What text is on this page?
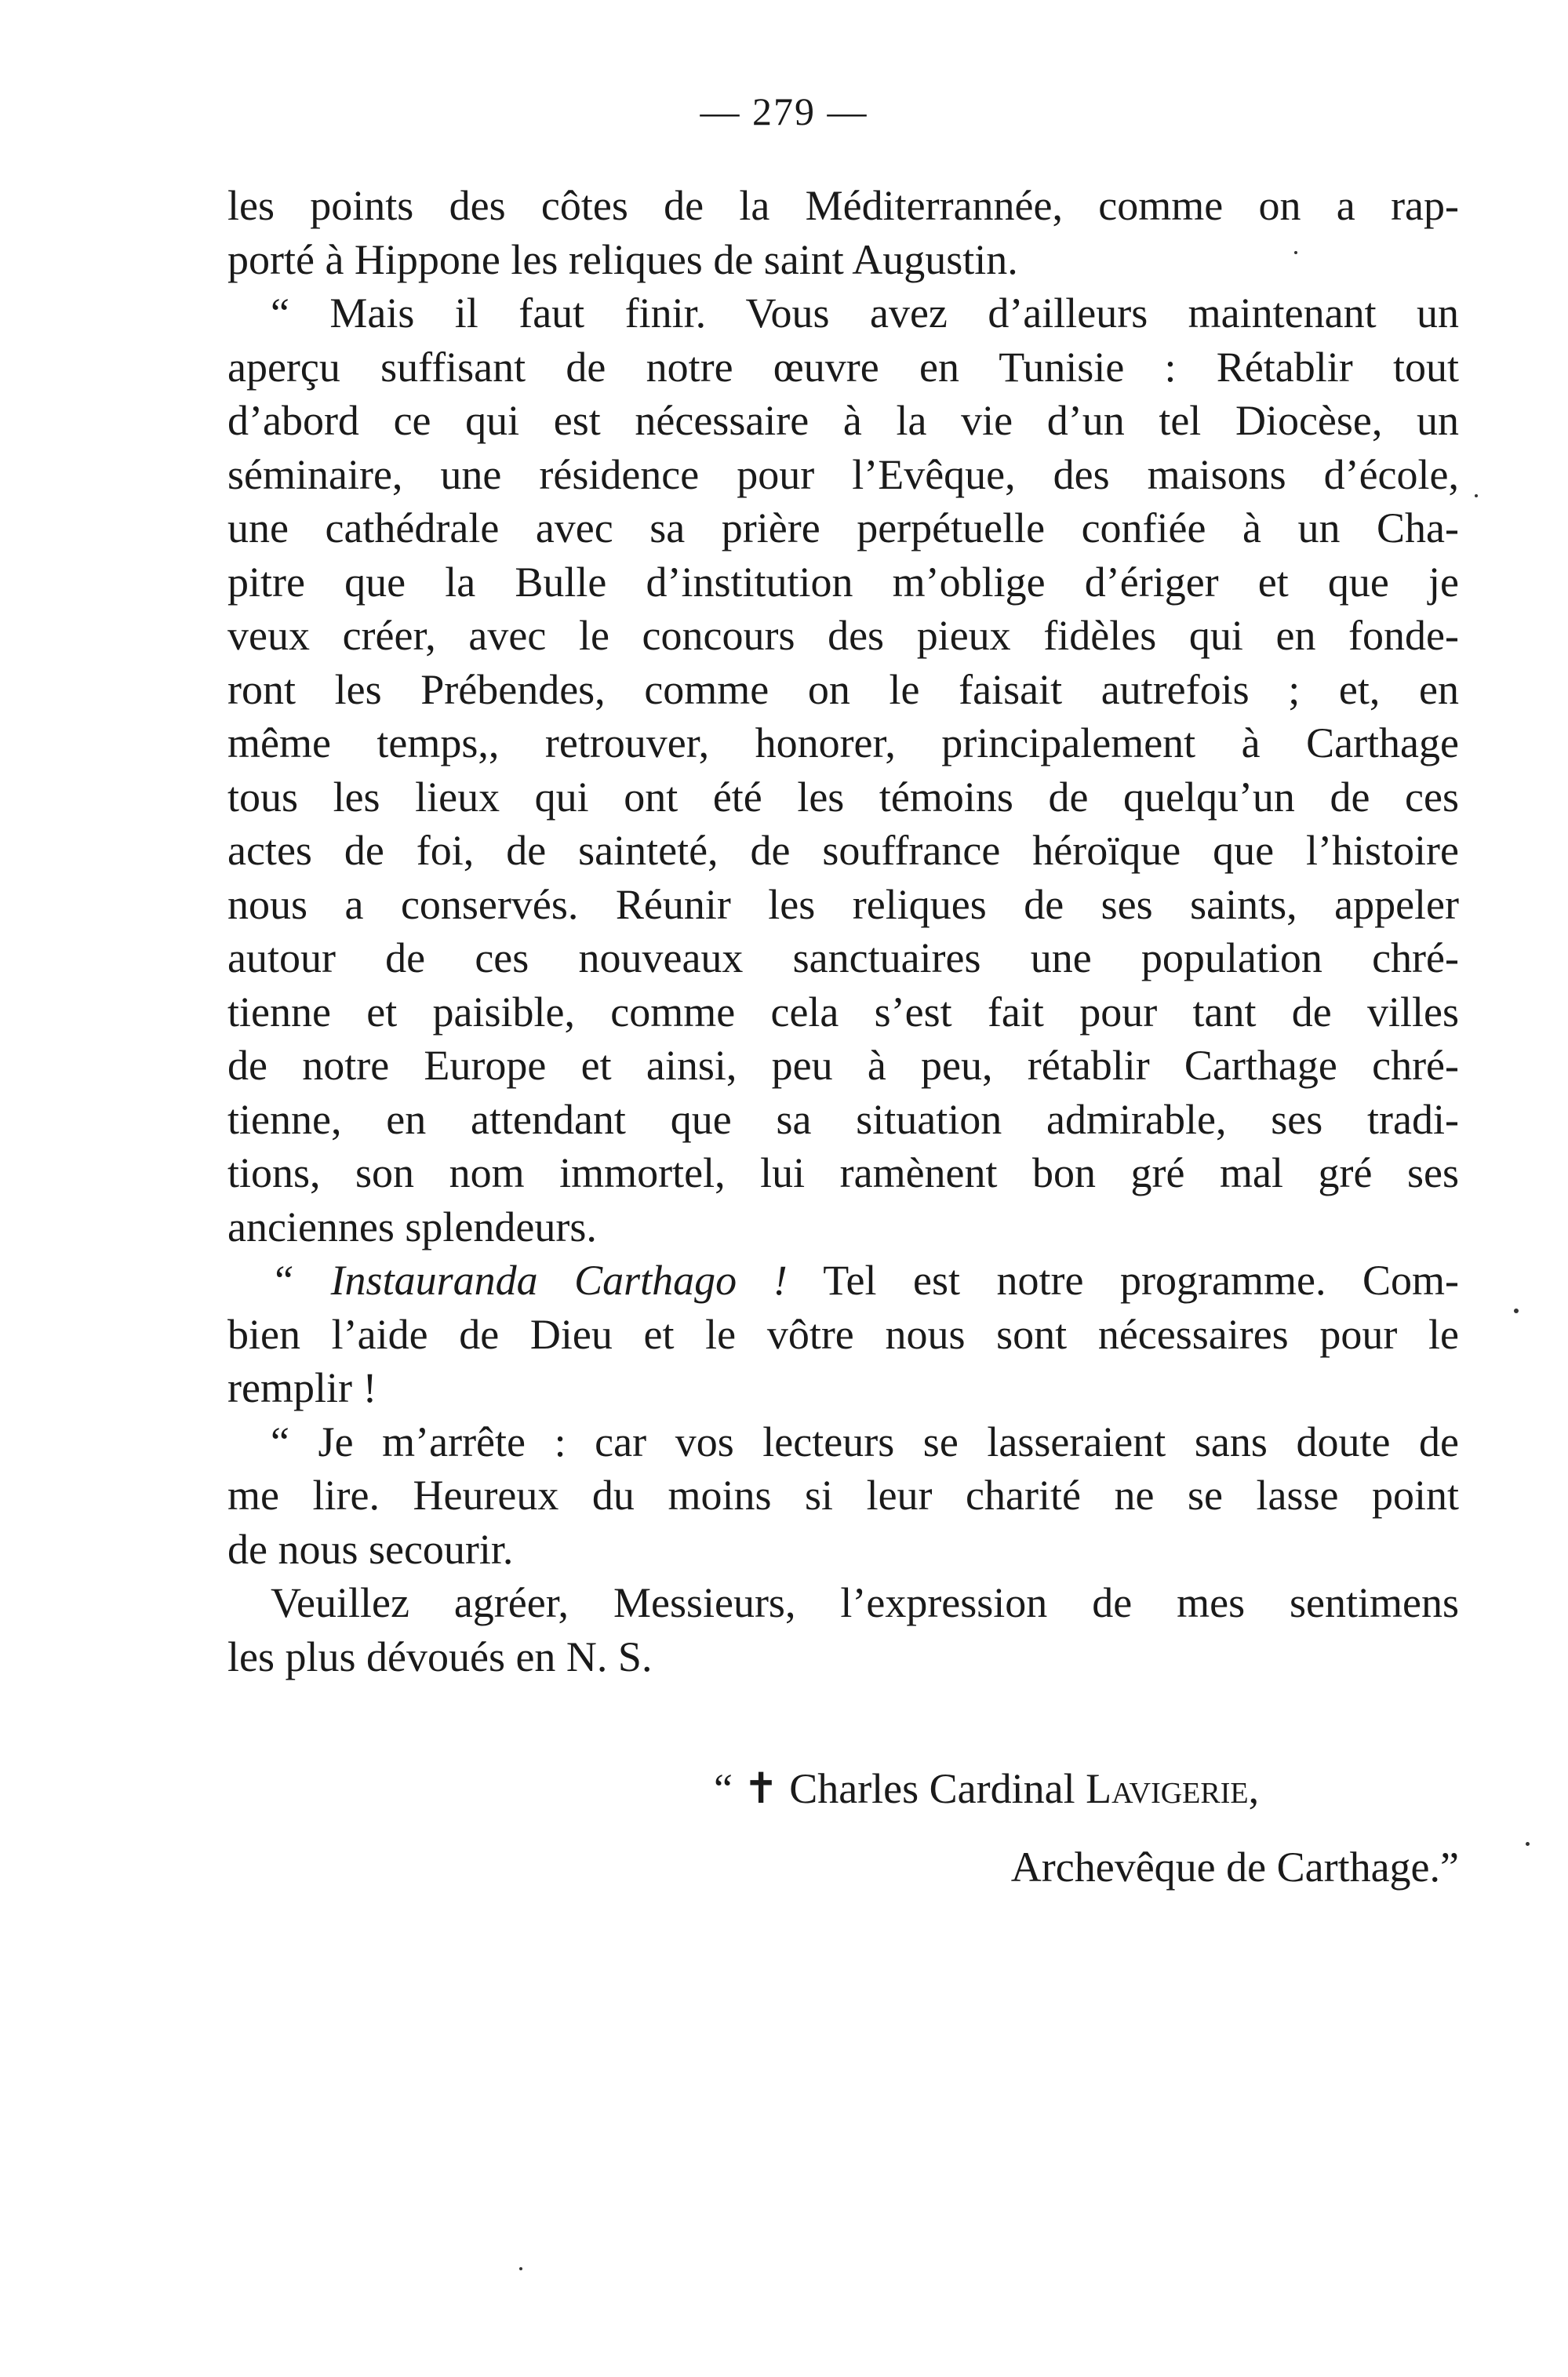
— 279 —
les points des côtes de la Méditerrannée, comme on a rap-
porté à Hippone les reliques de saint Augustin.
“ Mais il faut finir. Vous avez d’ailleurs maintenant un
aperçu suffisant de notre œuvre en Tunisie : Rétablir tout
d’abord ce qui est nécessaire à la vie d’un tel Diocèse, un
séminaire, une résidence pour l’Evêque, des maisons d’école,
une cathédrale avec sa prière perpétuelle confiée à un Cha-
pitre que la Bulle d’institution m’oblige d’ériger et que je
veux créer, avec le concours des pieux fidèles qui en fonde-
ront les Prébendes, comme on le faisait autrefois ; et, en
même temps,, retrouver, honorer, principalement à Carthage
tous les lieux qui ont été les témoins de quelqu’un de ces
actes de foi, de sainteté, de souffrance héroïque que l’histoire
nous a conservés. Réunir les reliques de ses saints, appeler
autour de ces nouveaux sanctuaires une population chré-
tienne et paisible, comme cela s’est fait pour tant de villes
de notre Europe et ainsi, peu à peu, rétablir Carthage chré-
tienne, en attendant que sa situation admirable, ses tradi-
tions, son nom immortel, lui ramènent bon gré mal gré ses
anciennes splendeurs.
“ Instauranda Carthago ! Tel est notre programme. Com-
bien l’aide de Dieu et le vôtre nous sont nécessaires pour le
remplir !
“ Je m’arrête : car vos lecteurs se lasseraient sans doute de
me lire. Heureux du moins si leur charité ne se lasse point
de nous secourir.
Veuillez agréer, Messieurs, l’expression de mes sentimens
les plus dévoués en N. S.
“ ✝ Charles Cardinal Lavigerie,
Archevêque de Carthage.”
